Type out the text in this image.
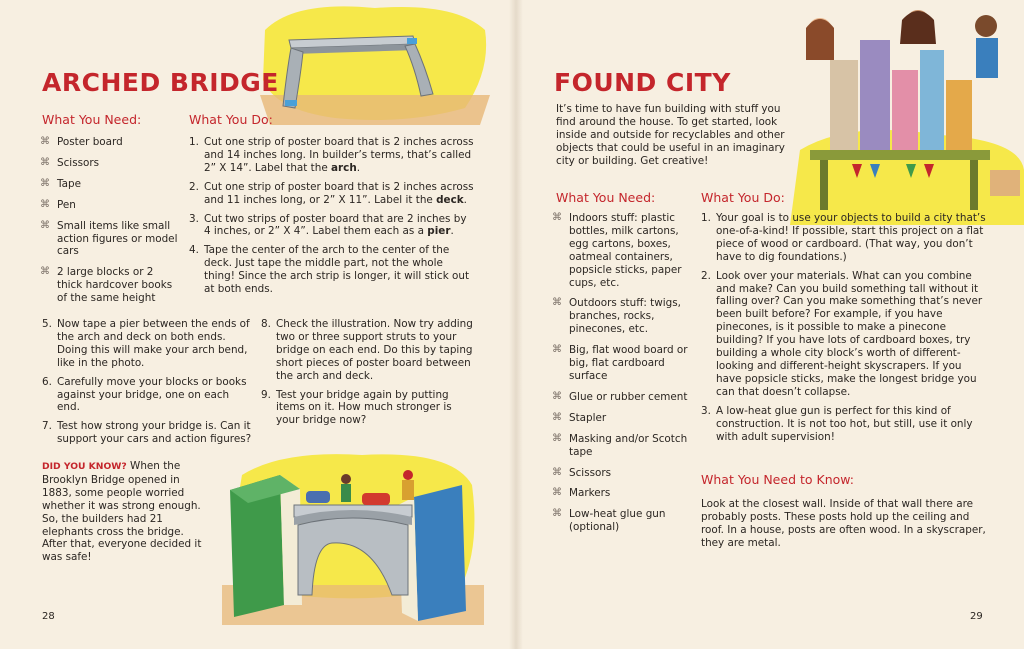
ARCHED BRIDGE
What You Need:
⌘ Poster board
⌘ Scissors
⌘ Tape
⌘ Pen
⌘ Small items like small action figures or model cars
⌘ 2 large blocks or 2 thick hardcover books of the same height
What You Do:
1. Cut one strip of poster board that is 2 inches across and 14 inches long. In builder’s terms, that’s called 2” X 14”. Label that the arch.
2. Cut one strip of poster board that is 2 inches across and 11 inches long, or 2” X 11”. Label it the deck.
3. Cut two strips of poster board that are 2 inches by 4 inches, or 2” X 4”. Label them each as a pier.
4. Tape the center of the arch to the center of the deck. Just tape the middle part, not the whole thing! Since the arch strip is longer, it will stick out at both ends.
5. Now tape a pier between the ends of the arch and deck on both ends. Doing this will make your arch bend, like in the photo.
6. Carefully move your blocks or books against your bridge, one on each end.
7. Test how strong your bridge is. Can it support your cars and action figures?
8. Check the illustration. Now try adding two or three support struts to your bridge on each end. Do this by taping short pieces of poster board between the arch and deck.
9. Test your bridge again by putting items on it. How much stronger is your bridge now?
DID YOU KNOW? When the Brooklyn Bridge opened in 1883, some people worried whether it was strong enough. So, the builders had 21 elephants cross the bridge. After that, everyone decided it was safe!
28
FOUND CITY
It’s time to have fun building with stuff you find around the house. To get started, look inside and outside for recyclables and other objects that could be useful in an imaginary city or building. Get creative!
What You Need:
⌘ Indoors stuff: plastic bottles, milk cartons, egg cartons, boxes, oatmeal containers, popsicle sticks, paper cups, etc.
⌘ Outdoors stuff: twigs, branches, rocks, pinecones, etc.
⌘ Big, flat wood board or big, flat cardboard surface
⌘ Glue or rubber cement
⌘ Stapler
⌘ Masking and/or Scotch tape
⌘ Scissors
⌘ Markers
⌘ Low-heat glue gun (optional)
What You Do:
1. Your goal is to use your objects to build a city that’s one-of-a-kind! If possible, start this project on a flat piece of wood or cardboard. (That way, you don’t have to dig foundations.)
2. Look over your materials. What can you combine and make? Can you build something tall without it falling over? Can you make something that’s never been built before? For example, if you have pinecones, is it possible to make a pinecone building? If you have lots of cardboard boxes, try building a whole city block’s worth of different-looking and different-height skyscrapers. If you have popsicle sticks, make the longest bridge you can that doesn’t collapse.
3. A low-heat glue gun is perfect for this kind of construction. It is not too hot, but still, use it only with adult supervision!
What You Need to Know:
Look at the closest wall. Inside of that wall there are probably posts. These posts hold up the ceiling and roof. In a house, posts are often wood. In a skyscraper, they are metal.
29
